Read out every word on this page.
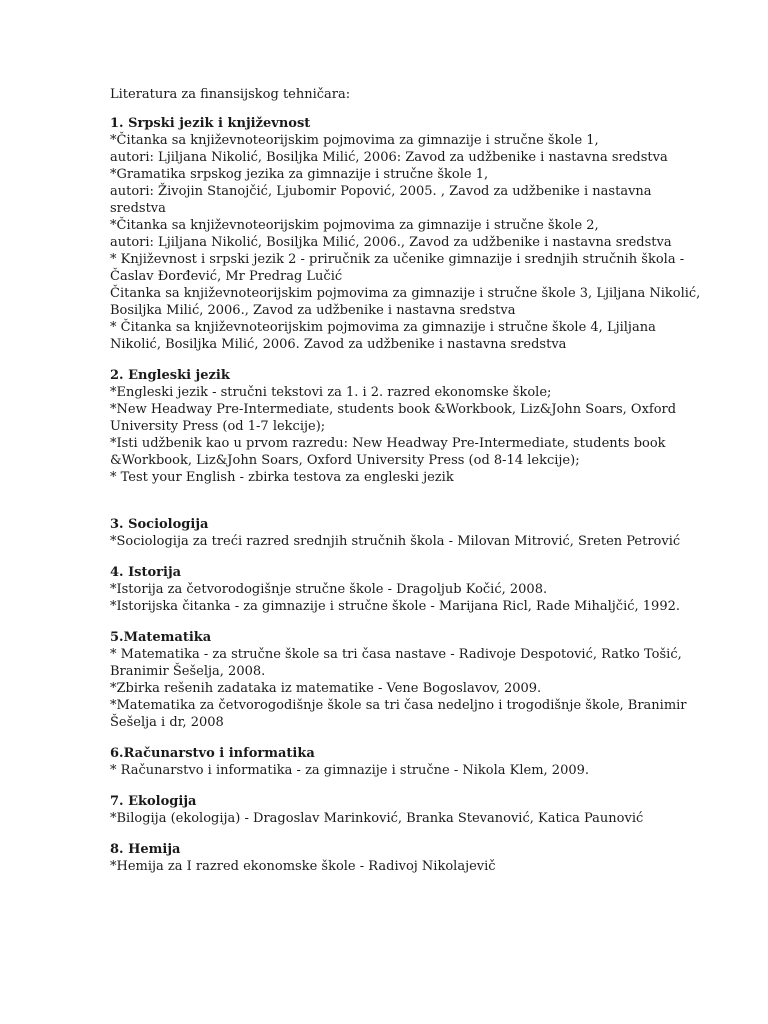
Literatura za finansijskog tehničara:
1. Srpski jezik i književnost
*Čitanka sa književnoteorijskim pojmovima za gimnazije i stručne škole 1,
autori: Ljiljana Nikolić, Bosiljka Milić, 2006: Zavod za udžbenike i nastavna sredstva
*Gramatika srpskog jezika za gimnazije i stručne škole 1,
autori: Živojin Stanojčić, Ljubomir Popović, 2005. , Zavod za udžbenike i nastavna
sredstva
*Čitanka sa književnoteorijskim pojmovima za gimnazije i stručne škole 2,
autori: Ljiljana Nikolić, Bosiljka Milić, 2006., Zavod za udžbenike i nastavna sredstva
* Književnost i srpski jezik 2 - priručnik za učenike gimnazije i srednjih stručnih škola -
Časlav Đorđević, Mr Predrag Lučić
Čitanka sa književnoteorijskim pojmovima za gimnazije i stručne škole 3, Ljiljana Nikolić,
Bosiljka Milić, 2006., Zavod za udžbenike i nastavna sredstva
* Čitanka sa književnoteorijskim pojmovima za gimnazije i stručne škole 4, Ljiljana
Nikolić, Bosiljka Milić, 2006. Zavod za udžbenike i nastavna sredstva
2. Engleski jezik
*Engleski jezik - stručni tekstovi za 1. i 2. razred ekonomske škole;
*New Headway Pre-Intermediate, students book &Workbook, Liz&John Soars, Oxford
University Press (od 1-7 lekcije);
*Isti udžbenik kao u prvom razredu: New Headway Pre-Intermediate, students book
&Workbook, Liz&John Soars, Oxford University Press (od 8-14 lekcije);
* Test your English - zbirka testova za engleski jezik
3. Sociologija
*Sociologija za treći razred srednjih stručnih škola - Milovan Mitrović, Sreten Petrović
4. Istorija
*Istorija za četvorodogišnje stručne škole - Dragoljub Kočić, 2008.
*Istorijska čitanka - za gimnazije i stručne škole - Marijana Ricl, Rade Mihaljčić, 1992.
5.Matematika
* Matematika - za stručne škole sa tri časa nastave - Radivoje Despotović, Ratko Tošić,
Branimir Šešelja, 2008.
*Zbirka rešenih zadataka iz matematike - Vene Bogoslavov, 2009.
*Matematika za četvorogodišnje škole sa tri časa nedeljno i trogodišnje škole, Branimir
Šešelja i dr, 2008
6.Računarstvo i informatika
* Računarstvo i informatika - za gimnazije i stručne - Nikola Klem, 2009.
7. Ekologija
*Bilogija (ekologija) - Dragoslav Marinković, Branka Stevanović, Katica Paunović
8. Hemija
*Hemija za I razred ekonomske škole - Radivoj Nikolajevič
